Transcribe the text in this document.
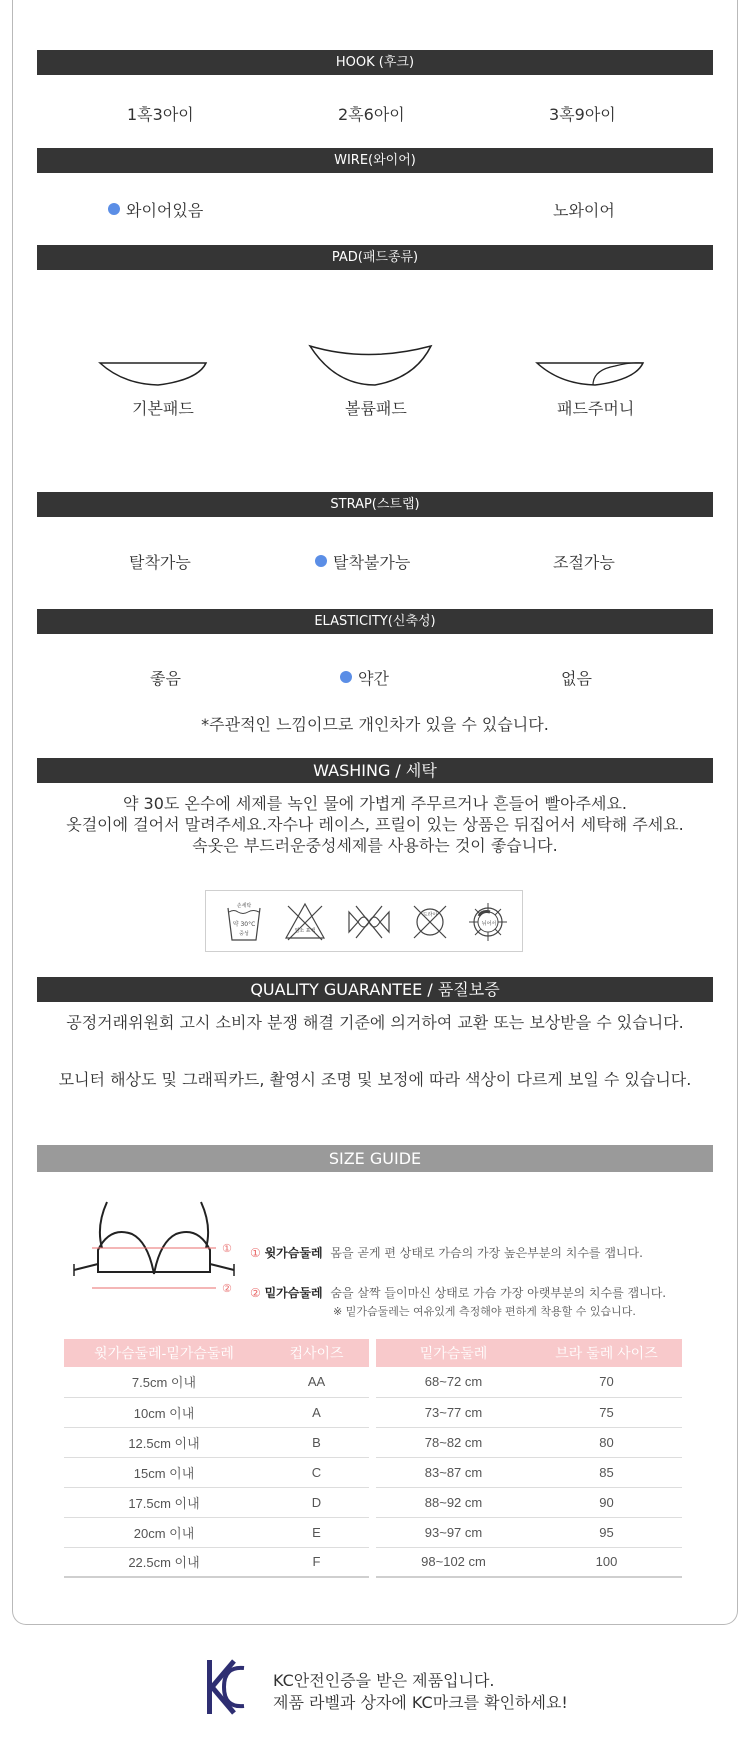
HOOK (후크)
1혹3아이	2혹6아이	3혹9아이
WIRE(와이어)
와이어있음	노와이어
PAD(패드종류)
기본패드	볼륨패드	패드주머니
STRAP(스트랩)
탈착가능	탈착불가능	조절가능
ELASTICITY(신축성)
좋음	약간	없음
*주관적인 느낌이므로 개인차가 있을 수 있습니다.
WASHING / 세탁
약 30도 온수에 세제를 녹인 물에 가볍게 주무르거나 흔들어 빨아주세요.
옷걸이에 걸어서 말려주세요.자수나 레이스, 프릴이 있는 상품은 뒤집어서 세탁해 주세요.
속옷은 부드러운중성세제를 사용하는 것이 좋습니다.
손세탁
약 30°C
중성	염소 표백
드라이
뉘어서
QUALITY GUARANTEE / 품질보증
공정거래위원회 고시 소비자 분쟁 해결 기준에 의거하여 교환 또는 보상받을 수 있습니다.
모니터 해상도 및 그래픽카드, 촬영시 조명 및 보정에 따라 색상이 다르게 보일 수 있습니다.
SIZE GUIDE
①
②
① 윗가슴둘레 몸을 곧게 편 상태로 가슴의 가장 높은부분의 치수를 잽니다.
② 밑가슴둘레 숨을 살짝 들이마신 상태로 가슴 가장 아랫부분의 치수를 잽니다.
※ 밑가슴둘레는 여유있게 측정해야 편하게 착용할 수 있습니다.
윗가슴둘레-밑가슴둘레	컵사이즈
7.5cm 이내	AA
10cm 이내	A
12.5cm 이내	B
15cm 이내	C
17.5cm 이내	D
20cm 이내	E
22.5cm 이내	F
밑가슴둘레	브라 둘레 사이즈
68~72 cm	70
73~77 cm	75
78~82 cm	80
83~87 cm	85
88~92 cm	90
93~97 cm	95
98~102 cm	100
KC안전인증을 받은 제품입니다.
제품 라벨과 상자에 KC마크를 확인하세요!
